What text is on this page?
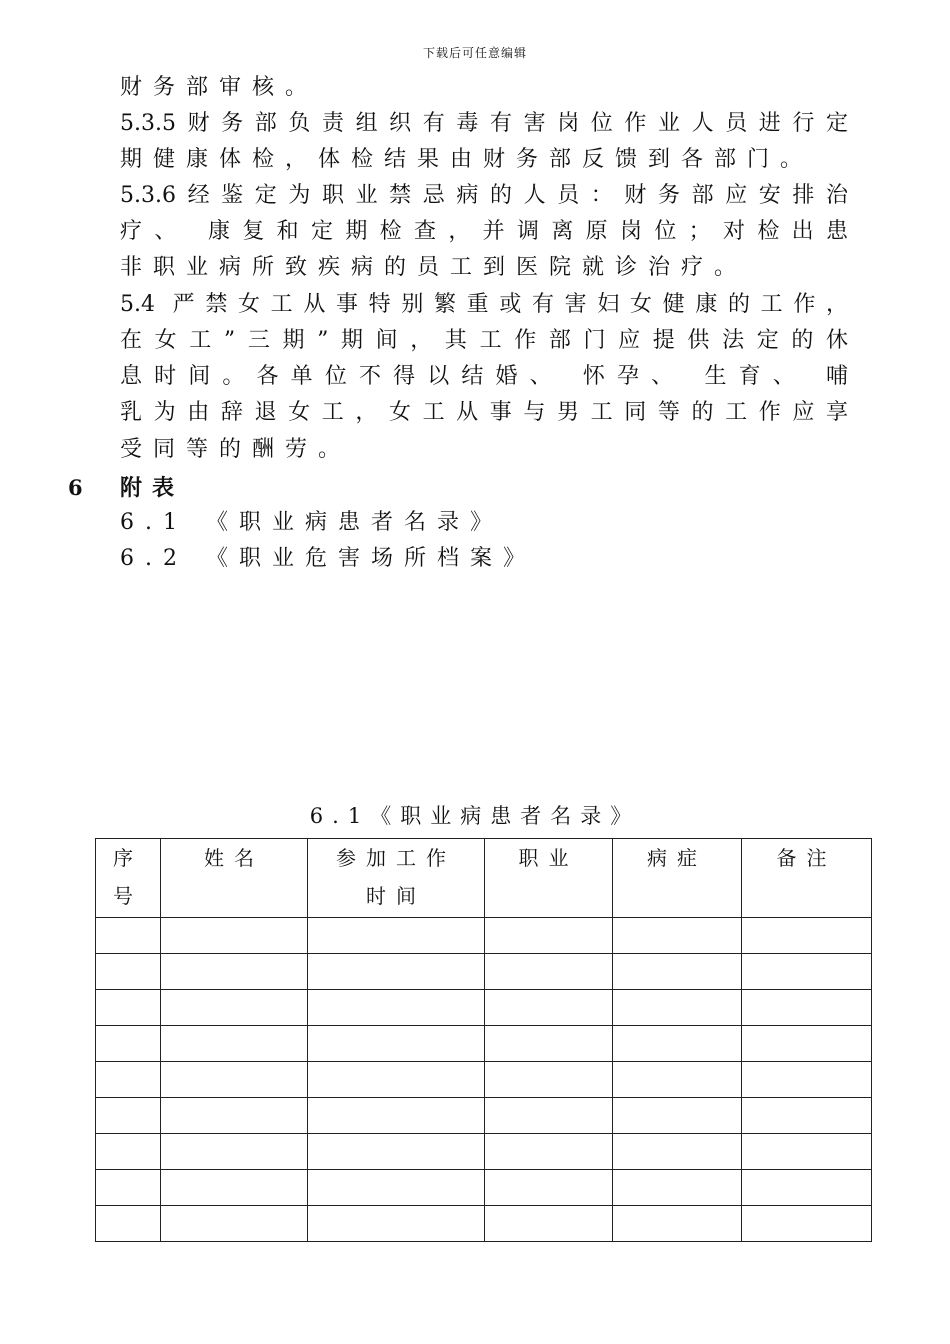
下载后可任意编辑
财务部审核。
5.3.5财务部负责组织有毒有害岗位作业人员进行定
期健康体检，体检结果由财务部反馈到各部门。
5.3.6经鉴定为职业禁忌病的人员：财务部应安排治
疗、 康复和定期检查，并调离原岗位；对检出患
非职业病所致疾病的员工到医院就诊治疗。
5.4 严禁女工从事特别繁重或有害妇女健康的工作，
在女工”三期”期间，其工作部门应提供法定的休
息时间。各单位不得以结婚、 怀孕、 生育、 哺
乳为由辞退女工，女工从事与男工同等的工作应享
受同等的酬劳。
6 附表
6.1 《职业病患者名录》
6.2 《职业危害场所档案》
6.1《职业病患者名录》
序号	姓名	参加工作时间	职业	病症	备注
